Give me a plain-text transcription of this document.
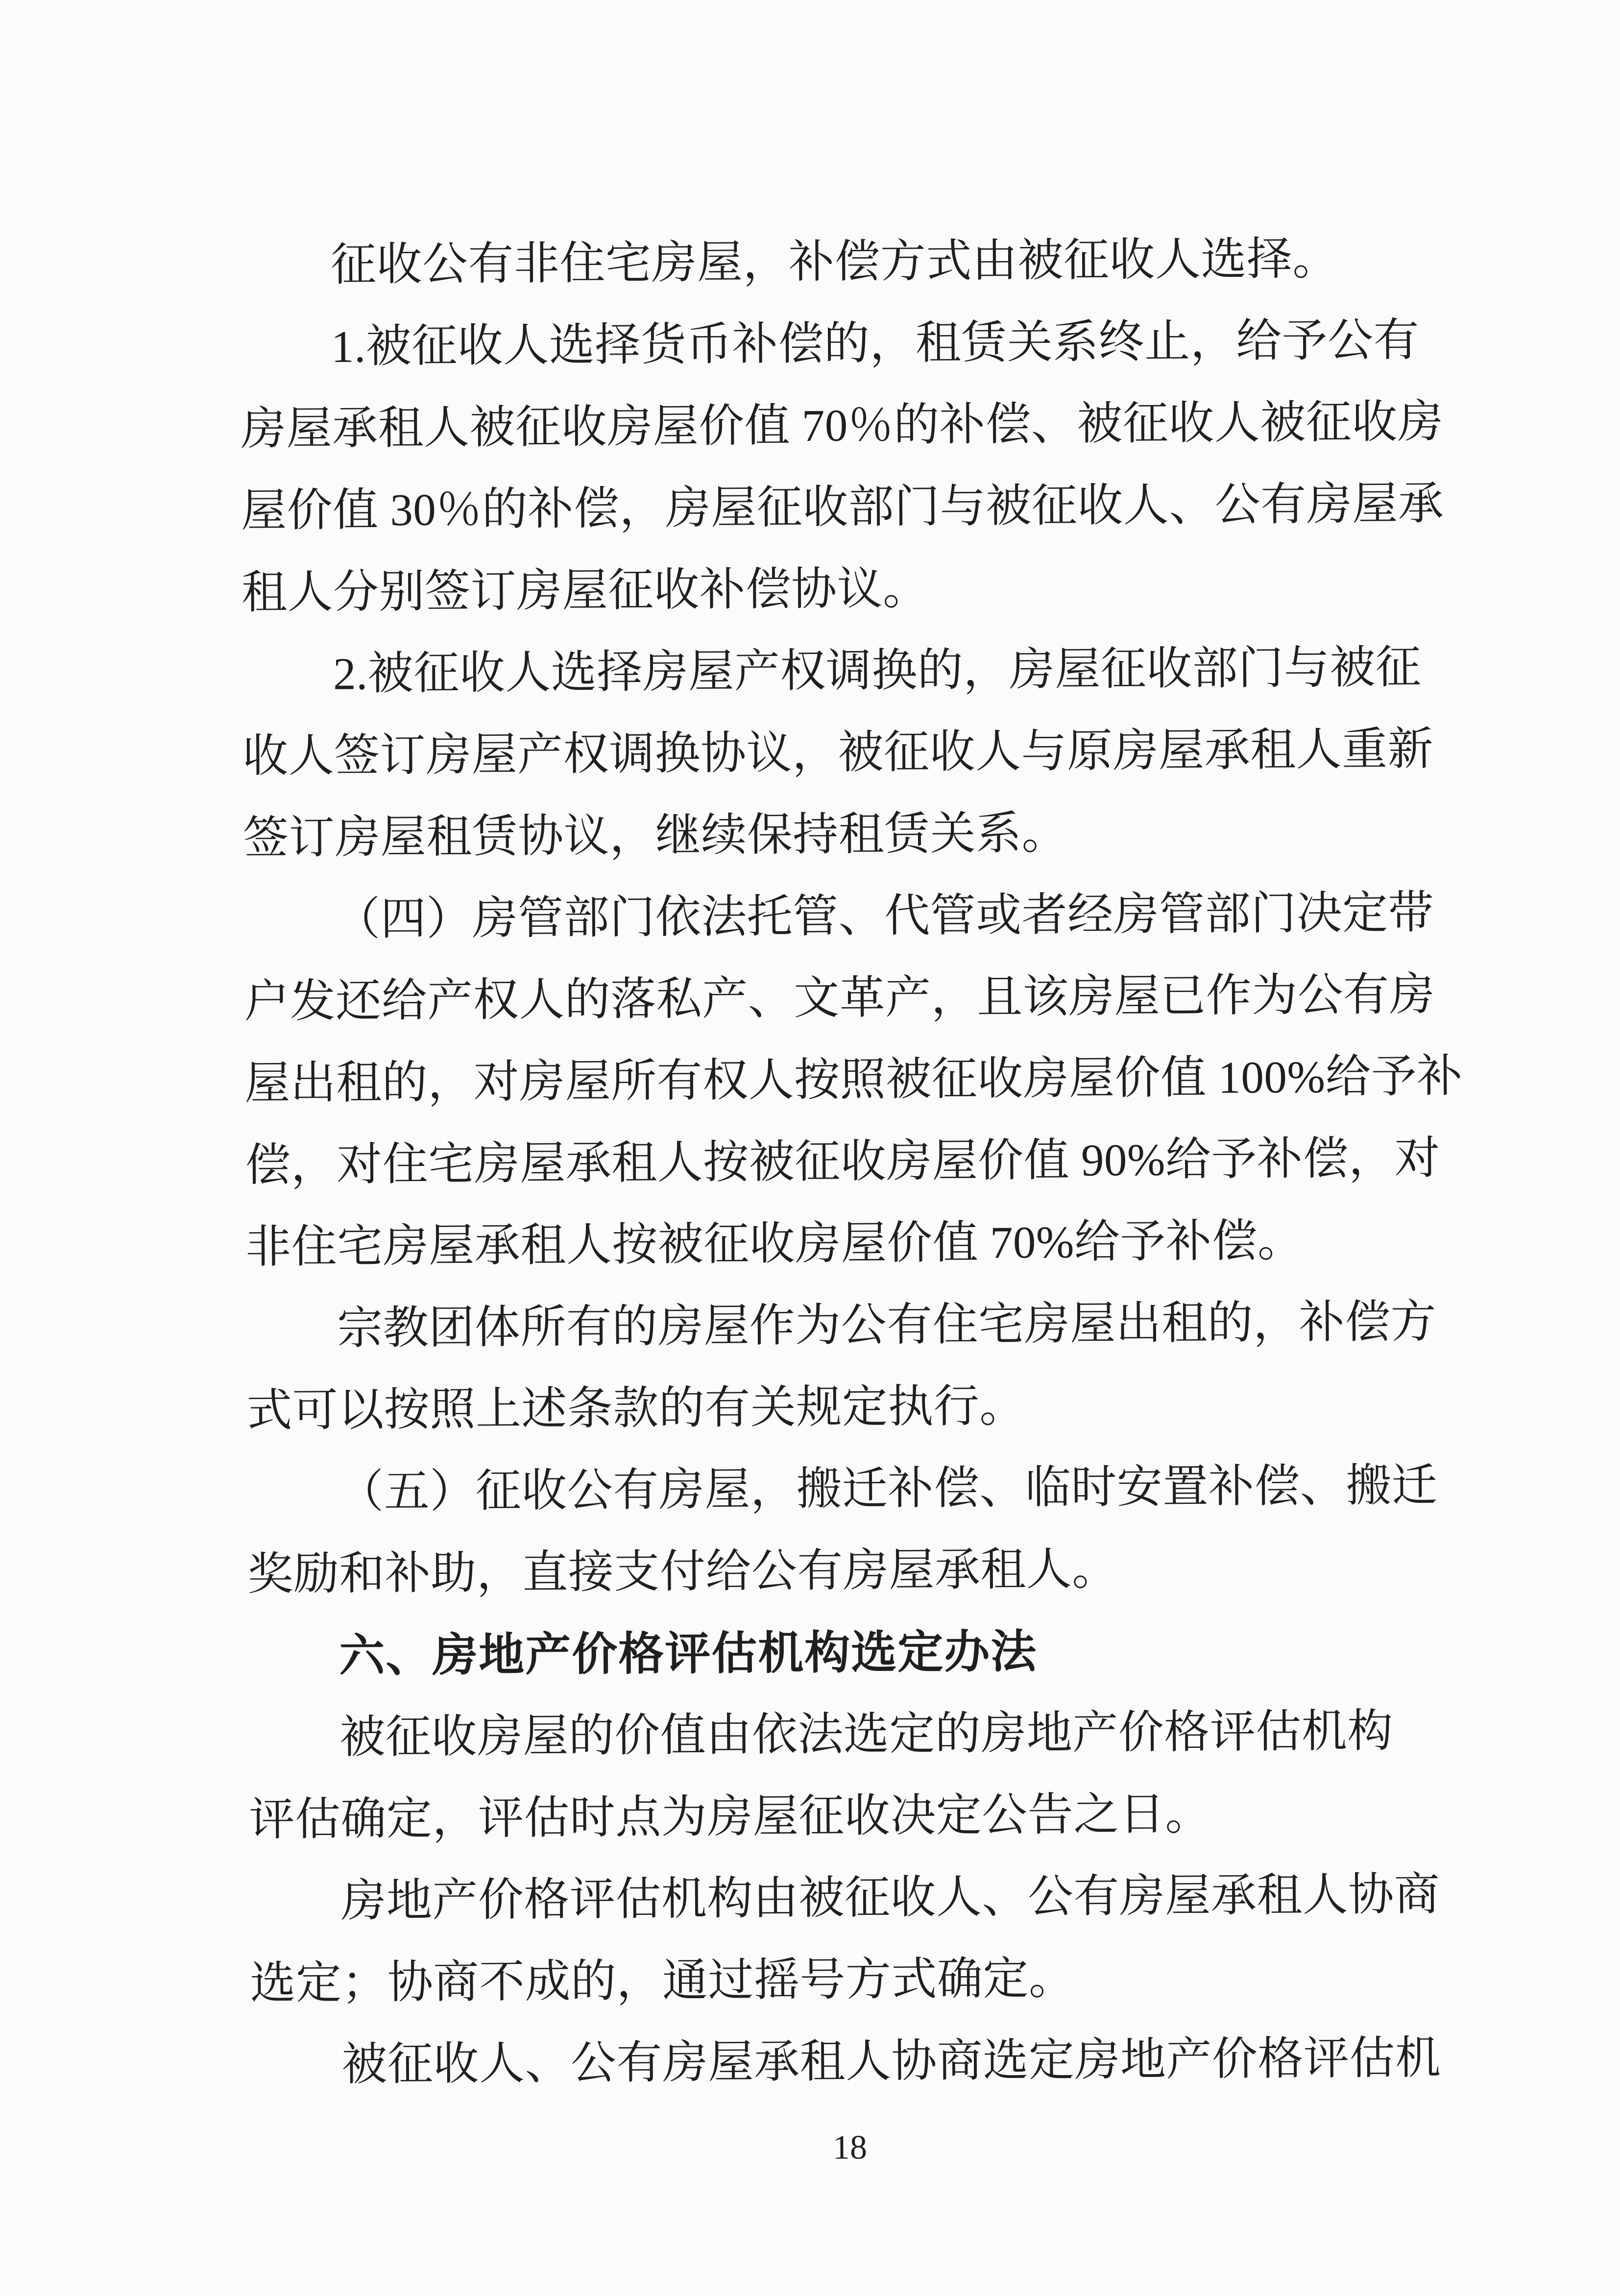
征收公有非住宅房屋，补偿方式由被征收人选择。
1.被征收人选择货币补偿的，租赁关系终止，给予公有
房屋承租人被征收房屋价值 70％的补偿、被征收人被征收房
屋价值 30％的补偿，房屋征收部门与被征收人、公有房屋承
租人分别签订房屋征收补偿协议。
2.被征收人选择房屋产权调换的，房屋征收部门与被征
收人签订房屋产权调换协议，被征收人与原房屋承租人重新
签订房屋租赁协议，继续保持租赁关系。
（四）房管部门依法托管、代管或者经房管部门决定带
户发还给产权人的落私产、文革产，且该房屋已作为公有房
屋出租的，对房屋所有权人按照被征收房屋价值 100%给予补
偿，对住宅房屋承租人按被征收房屋价值 90%给予补偿，对
非住宅房屋承租人按被征收房屋价值 70%给予补偿。
宗教团体所有的房屋作为公有住宅房屋出租的，补偿方
式可以按照上述条款的有关规定执行。
（五）征收公有房屋，搬迁补偿、临时安置补偿、搬迁
奖励和补助，直接支付给公有房屋承租人。
六、房地产价格评估机构选定办法
被征收房屋的价值由依法选定的房地产价格评估机构
评估确定，评估时点为房屋征收决定公告之日。
房地产价格评估机构由被征收人、公有房屋承租人协商
选定；协商不成的，通过摇号方式确定。
被征收人、公有房屋承租人协商选定房地产价格评估机
18
